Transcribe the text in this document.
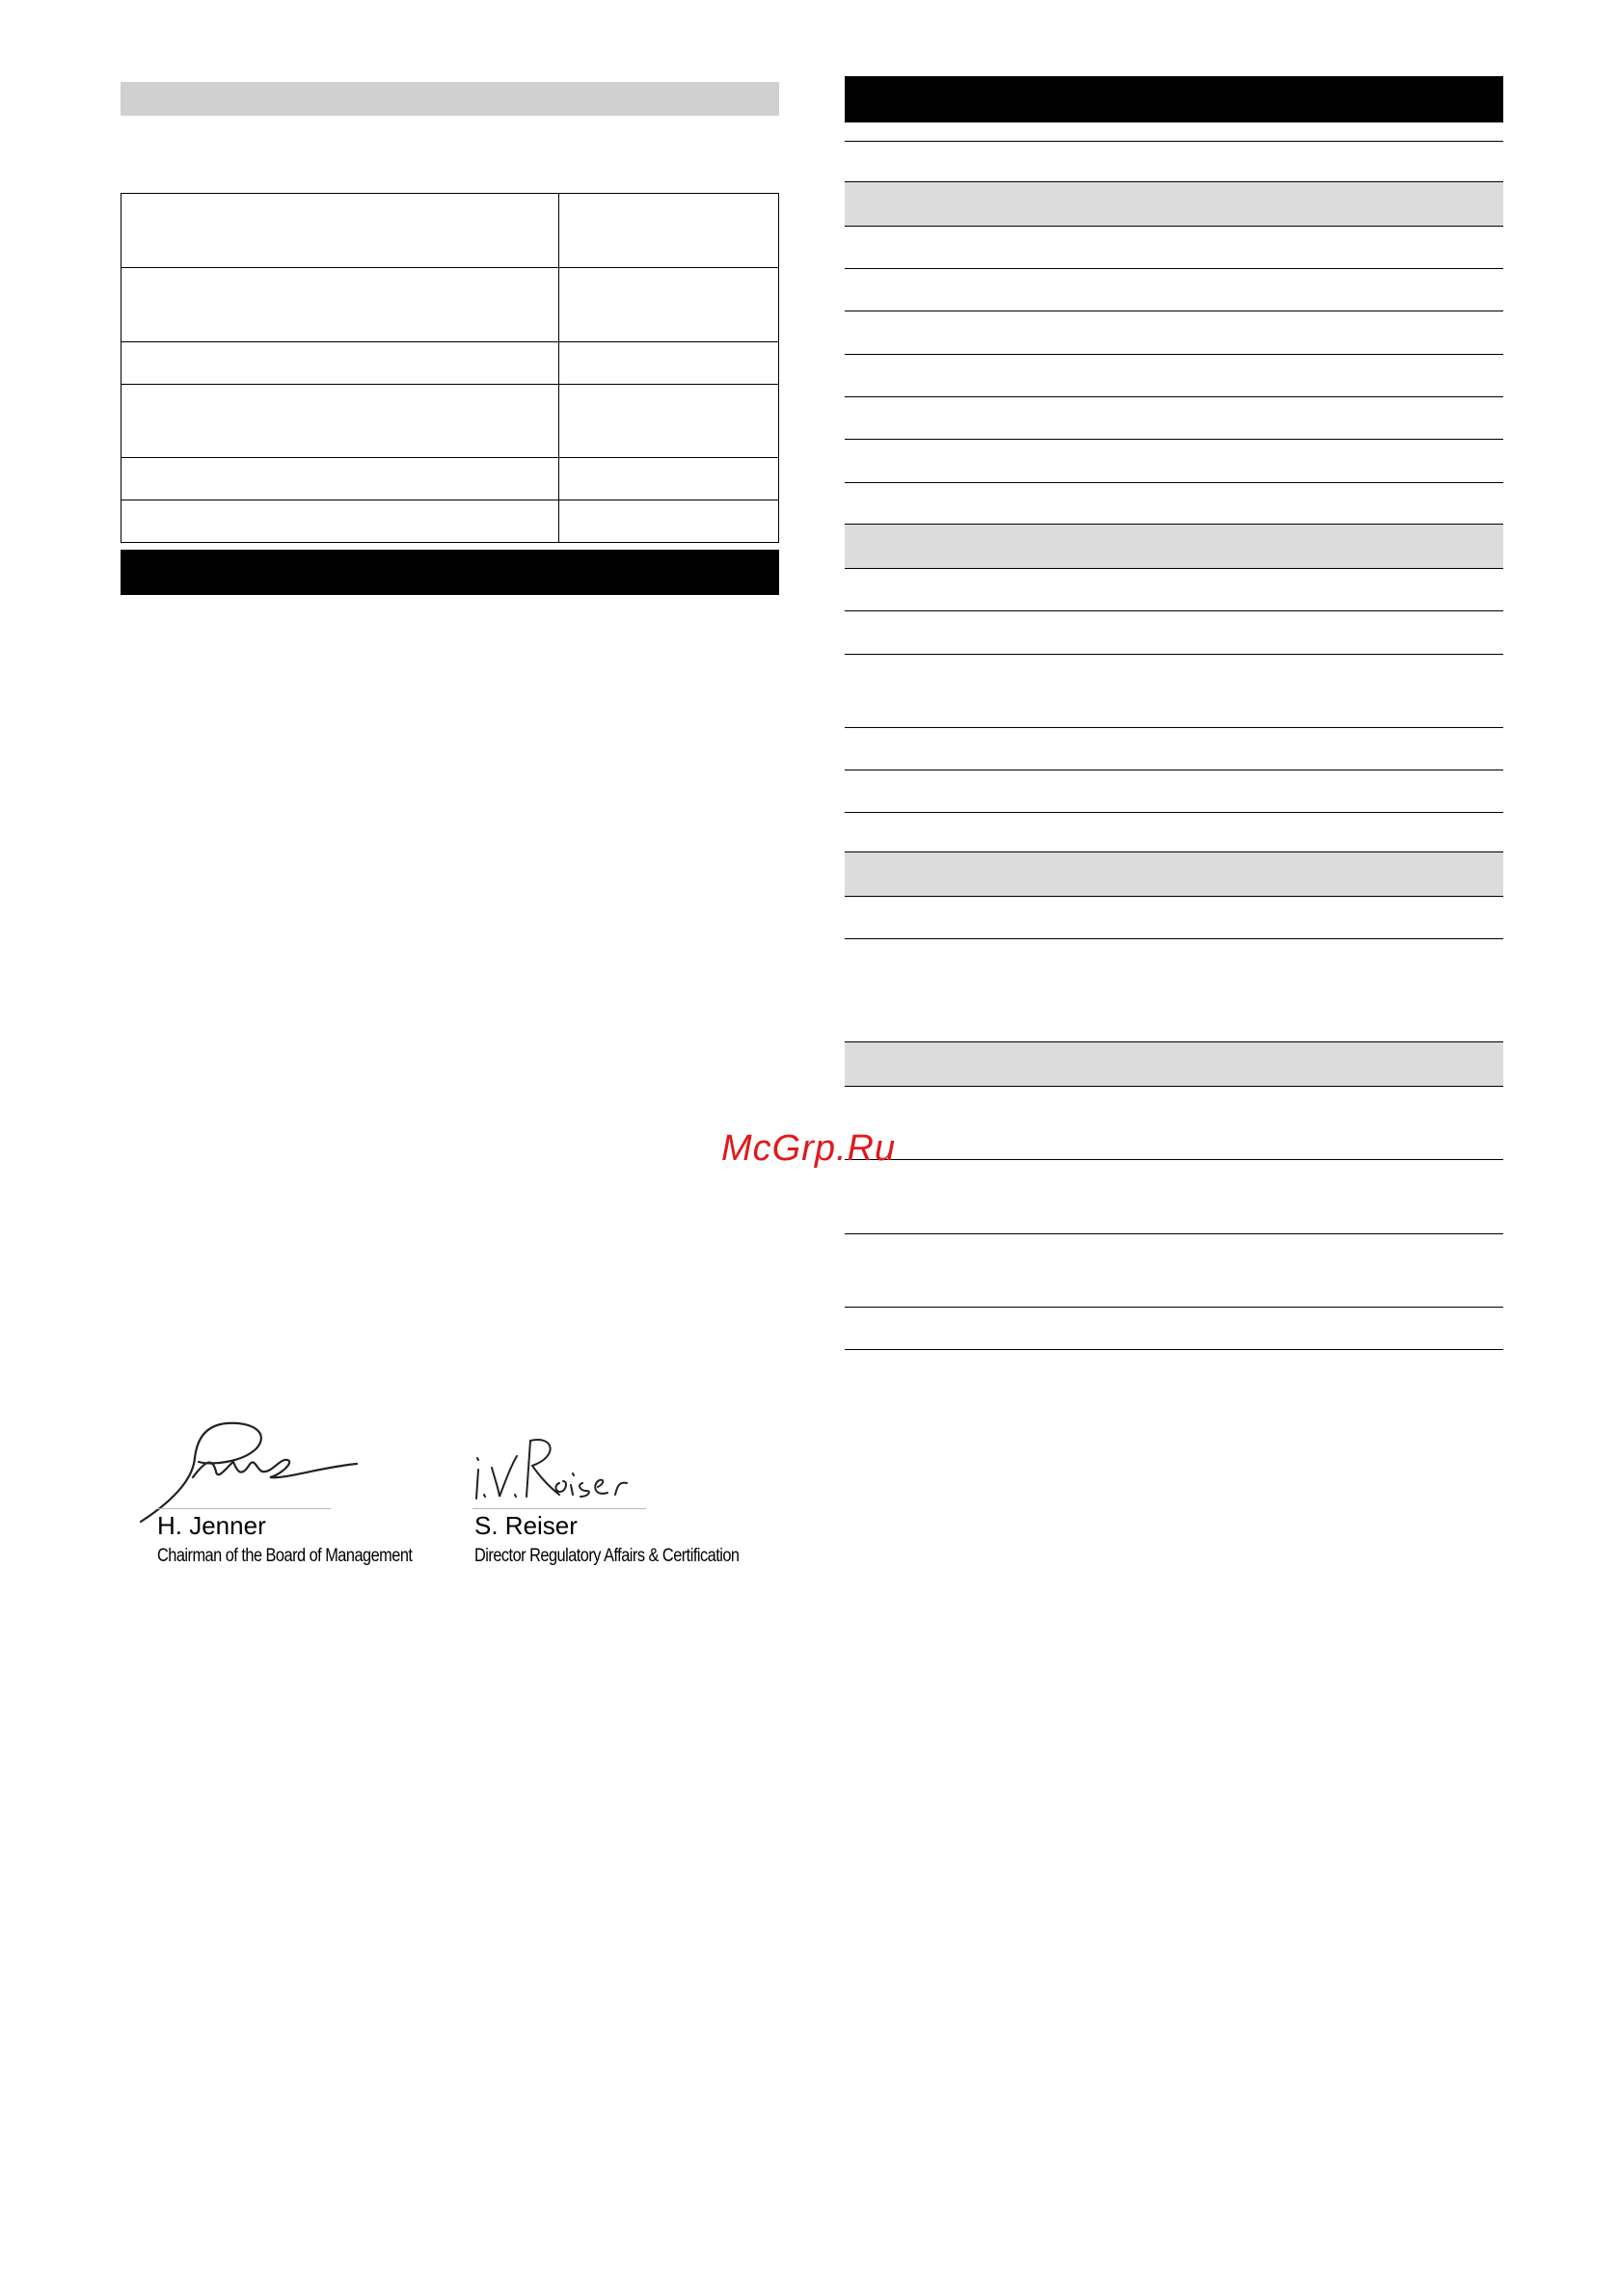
McGrp.Ru
H. Jenner
Chairman of the Board of Management
S. Reiser
Director Regulatory Affairs & Certification
